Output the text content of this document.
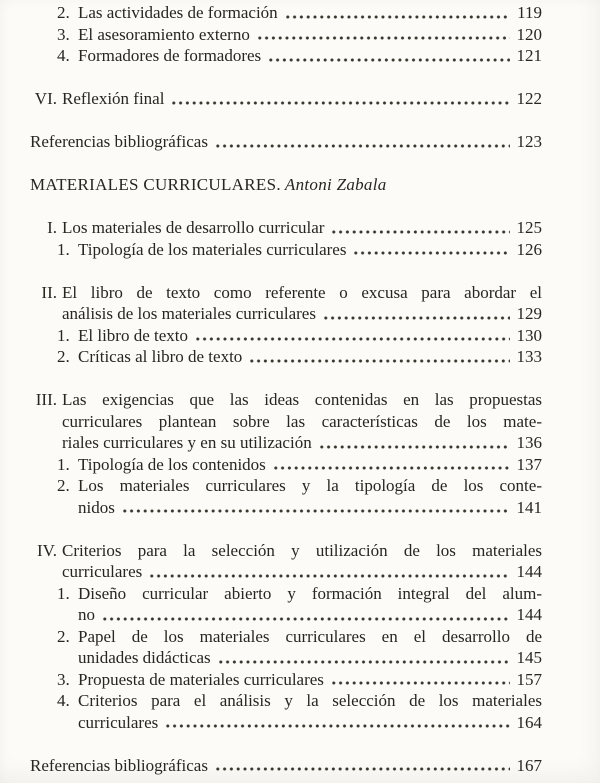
2. Las actividades de formación	119
3. El asesoramiento externo	120
4. Formadores de formadores	121
VI. Reflexión final	122
Referencias bibliográficas	123
MATERIALES CURRICULARES. Antoni Zabala
I. Los materiales de desarrollo curricular	125
1. Tipología de los materiales curriculares	126
II. El libro de texto como referente o excusa para abordar el
análisis de los materiales curriculares	129
1. El libro de texto	130
2. Críticas al libro de texto	133
III. Las exigencias que las ideas contenidas en las propuestas
curriculares plantean sobre las características de los mate-
riales curriculares y en su utilización	136
1. Tipología de los contenidos	137
2. Los materiales curriculares y la tipología de los conte-
nidos	141
IV. Criterios para la selección y utilización de los materiales
curriculares	144
1. Diseño curricular abierto y formación integral del alum-
no	144
2. Papel de los materiales curriculares en el desarrollo de
unidades didácticas	145
3. Propuesta de materiales curriculares	157
4. Criterios para el análisis y la selección de los materiales
curriculares	164
Referencias bibliográficas	167
